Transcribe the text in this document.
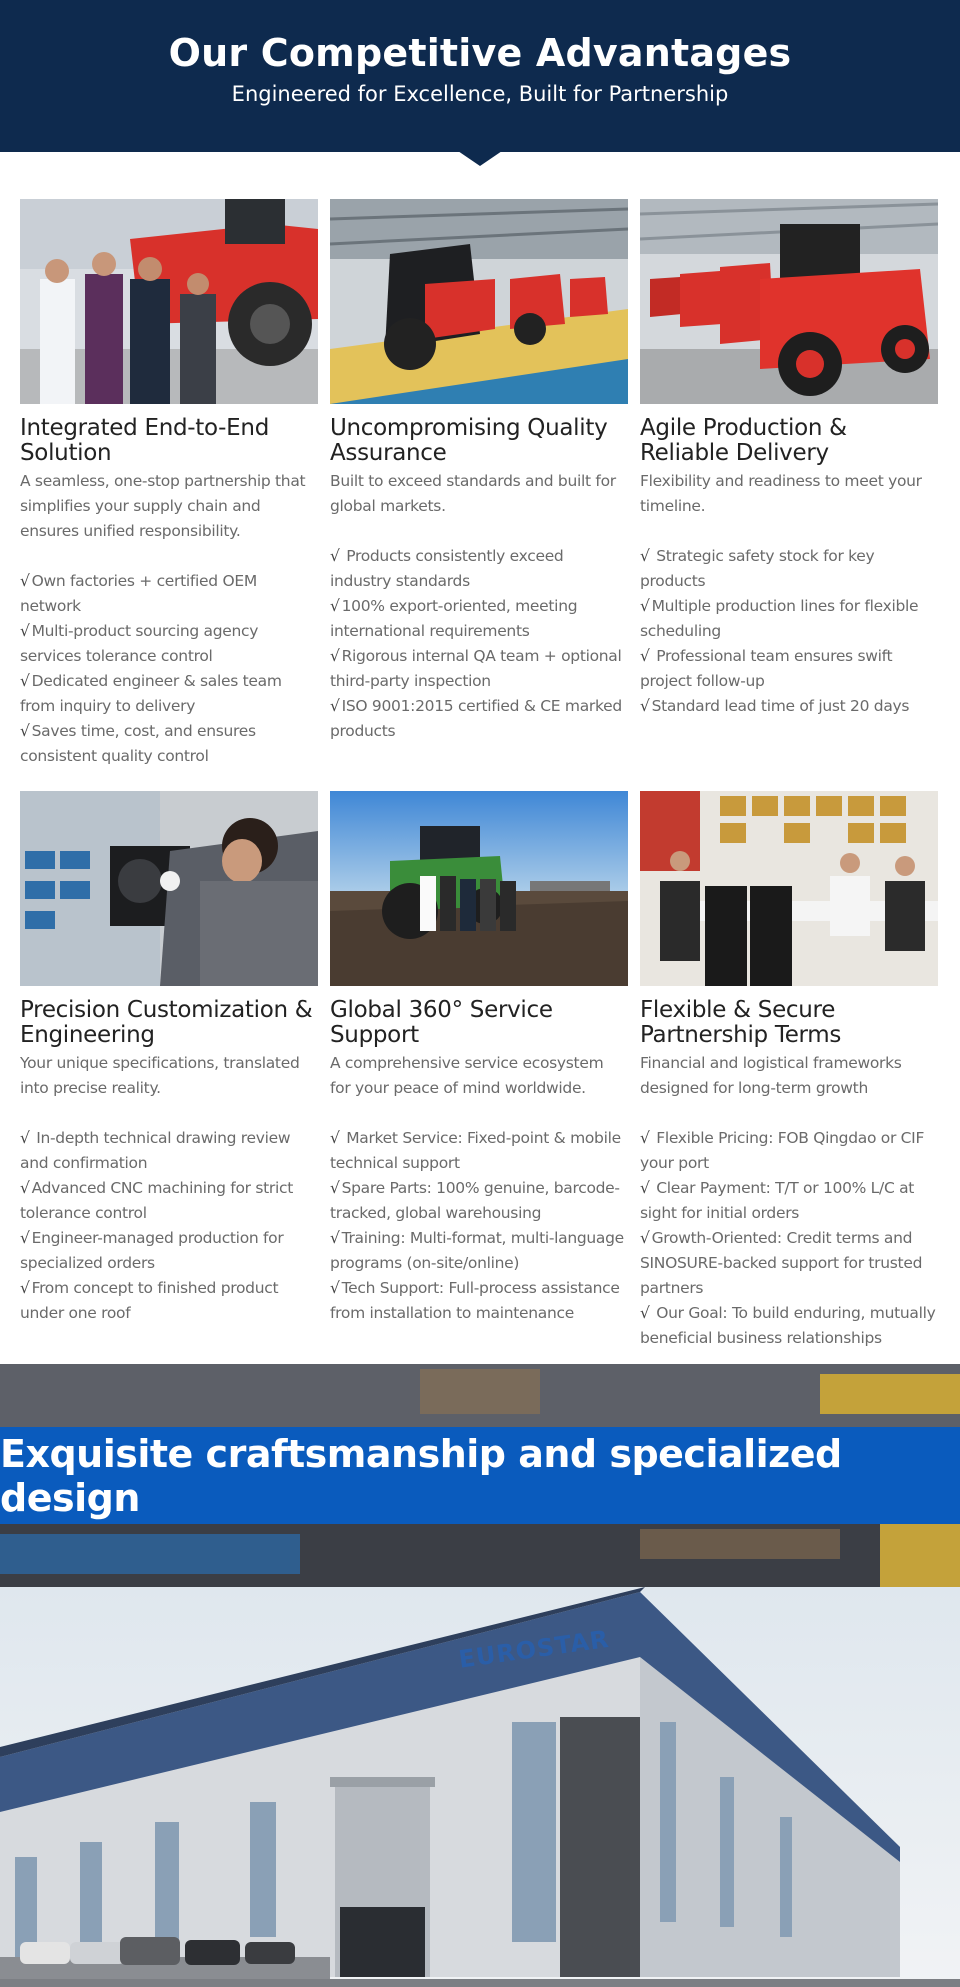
Our Competitive Advantages
Engineered for Excellence, Built for Partnership
Integrated End-to-End Solution
A seamless, one-stop partnership that simplifies your supply chain and ensures unified responsibility.
√ Own factories + certified OEM network
√ Multi-product sourcing agency services tolerance control
√ Dedicated engineer & sales team from inquiry to delivery
√ Saves time, cost, and ensures consistent quality control
Uncompromising Quality Assurance
Built to exceed standards and built for global markets.
√ Products consistently exceed industry standards
√ 100% export-oriented, meeting international requirements
√ Rigorous internal QA team + optional third-party inspection
√ ISO 9001:2015 certified & CE marked products
Agile Production & Reliable Delivery
Flexibility and readiness to meet your timeline.
√ Strategic safety stock for key products
√ Multiple production lines for flexible scheduling
√ Professional team ensures swift project follow-up
√ Standard lead time of just 20 days
Precision Customization & Engineering
Your unique specifications, translated into precise reality.
√ In-depth technical drawing review and confirmation
√ Advanced CNC machining for strict tolerance control
√ Engineer-managed production for specialized orders
√ From concept to finished product under one roof
Global 360° Service Support
A comprehensive service ecosystem for your peace of mind worldwide.
√ Market Service: Fixed-point & mobile technical support
√ Spare Parts: 100% genuine, barcode-tracked, global warehousing
√ Training: Multi-format, multi-language programs (on-site/online)
√ Tech Support: Full-process assistance from installation to maintenance
Flexible & Secure Partnership Terms
Financial and logistical frameworks designed for long-term growth
√ Flexible Pricing: FOB Qingdao or CIF your port
√ Clear Payment: T/T or 100% L/C at sight for initial orders
√ Growth-Oriented: Credit terms and SINOSURE-backed support for trusted partners
√ Our Goal: To build enduring, mutually beneficial business relationships
Exquisite craftsmanship and specialized design
EUROSTAR
